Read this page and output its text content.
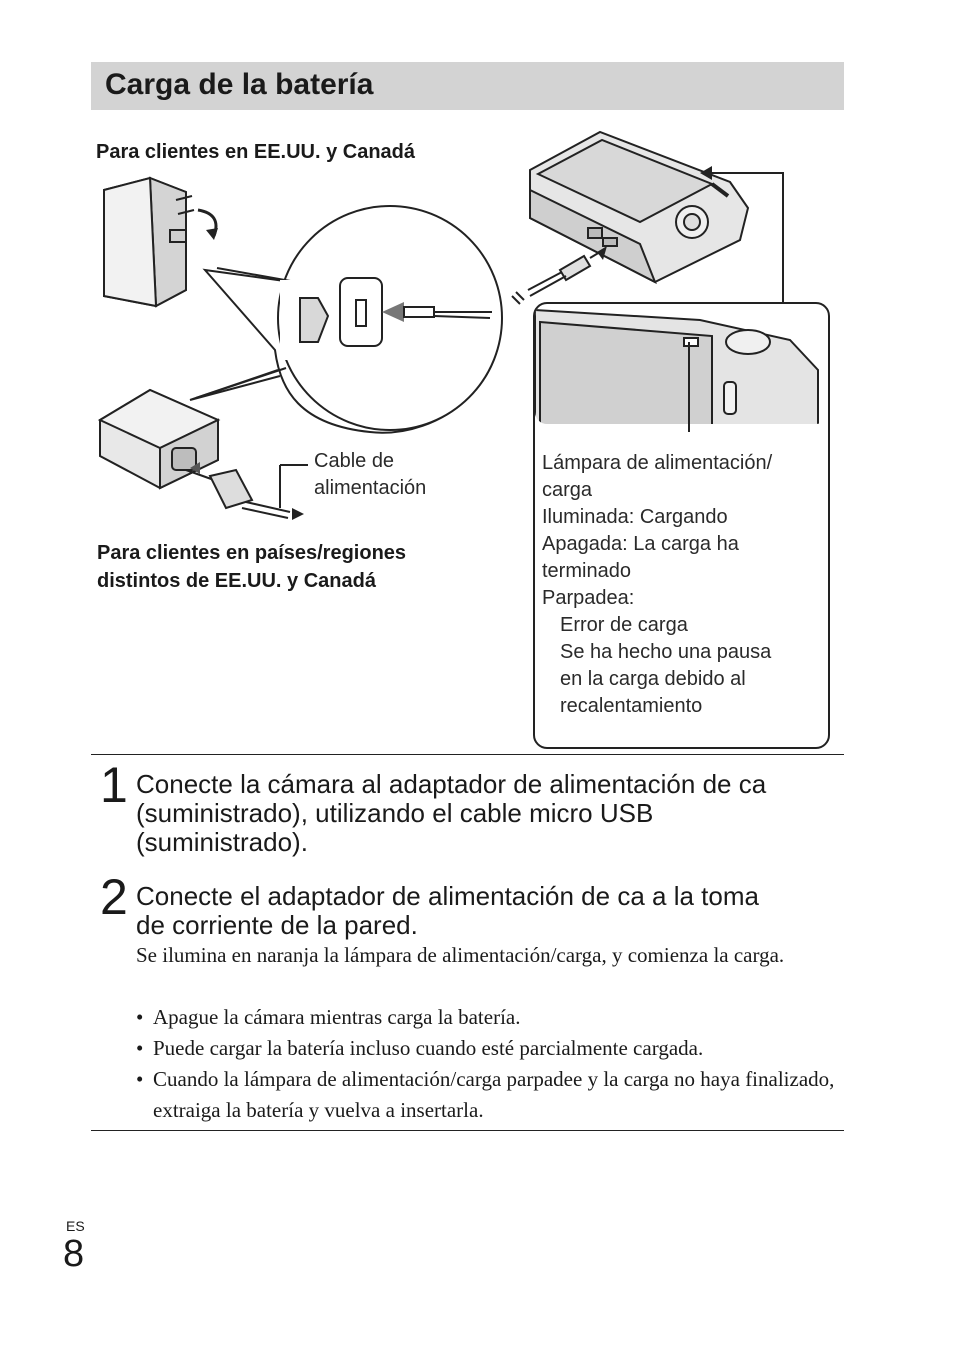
Carga de la batería
Para clientes en EE.UU. y Canadá
Cable de
alimentación
Para clientes en países/regiones
distintos de EE.UU. y Canadá
Lámpara de alimentación/
carga
Iluminada: Cargando
Apagada: La carga ha
terminado
Parpadea:
Error de carga
Se ha hecho una pausa
en la carga debido al
recalentamiento
1 Conecte la cámara al adaptador de alimentación de ca
(suministrado), utilizando el cable micro USB
(suministrado).
2 Conecte el adaptador de alimentación de ca a la toma
de corriente de la pared.
Se ilumina en naranja la lámpara de alimentación/carga, y comienza la carga.
• Apague la cámara mientras carga la batería.
• Puede cargar la batería incluso cuando esté parcialmente cargada.
• Cuando la lámpara de alimentación/carga parpadee y la carga no haya finalizado, extraiga la batería y vuelva a insertarla.
ES
8
